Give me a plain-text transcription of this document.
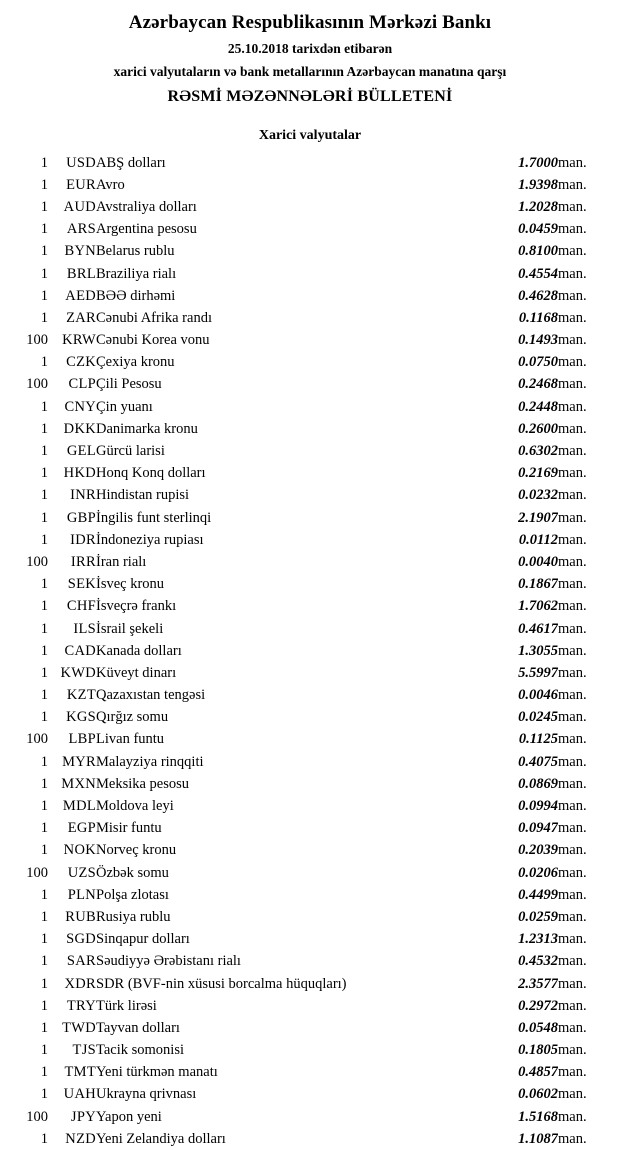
Azərbaycan Respublikasının Mərkəzi Bankı
25.10.2018 tarixdən etibarən
xarici valyutaların və bank metallarının Azərbaycan manatına qarşı
RƏSMİ MƏZƏNNƏLƏRİ BÜLLETENİ
Xarici valyutalar
1	USD	ABŞ dolları	1.7000	man.
1	EUR	Avro	1.9398	man.
1	AUD	Avstraliya dolları	1.2028	man.
1	ARS	Argentina pesosu	0.0459	man.
1	BYN	Belarus rublu	0.8100	man.
1	BRL	Braziliya rialı	0.4554	man.
1	AED	BƏƏ dirhəmi	0.4628	man.
1	ZAR	Cənubi Afrika randı	0.1168	man.
100	KRW	Cənubi Korea vonu	0.1493	man.
1	CZK	Çexiya kronu	0.0750	man.
100	CLP	Çili Pesosu	0.2468	man.
1	CNY	Çin yuanı	0.2448	man.
1	DKK	Danimarka kronu	0.2600	man.
1	GEL	Gürcü larisi	0.6302	man.
1	HKD	Honq Konq dolları	0.2169	man.
1	INR	Hindistan rupisi	0.0232	man.
1	GBP	İngilis funt sterlinqi	2.1907	man.
1	IDR	İndoneziya rupiası	0.0112	man.
100	IRR	İran rialı	0.0040	man.
1	SEK	İsveç kronu	0.1867	man.
1	CHF	İsveçrə frankı	1.7062	man.
1	ILS	İsrail şekeli	0.4617	man.
1	CAD	Kanada dolları	1.3055	man.
1	KWD	Küveyt dinarı	5.5997	man.
1	KZT	Qazaxıstan tengəsi	0.0046	man.
1	KGS	Qırğız somu	0.0245	man.
100	LBP	Livan funtu	0.1125	man.
1	MYR	Malayziya rinqqiti	0.4075	man.
1	MXN	Meksika pesosu	0.0869	man.
1	MDL	Moldova leyi	0.0994	man.
1	EGP	Misir funtu	0.0947	man.
1	NOK	Norveç kronu	0.2039	man.
100	UZS	Özbək somu	0.0206	man.
1	PLN	Polşa zlotası	0.4499	man.
1	RUB	Rusiya rublu	0.0259	man.
1	SGD	Sinqapur dolları	1.2313	man.
1	SAR	Səudiyyə Ərəbistanı rialı	0.4532	man.
1	XDR	SDR (BVF-nin xüsusi borcalma hüquqları)	2.3577	man.
1	TRY	Türk lirəsi	0.2972	man.
1	TWD	Tayvan dolları	0.0548	man.
1	TJS	Tacik somonisi	0.1805	man.
1	TMT	Yeni türkmən manatı	0.4857	man.
1	UAH	Ukrayna qrivnası	0.0602	man.
100	JPY	Yapon yeni	1.5168	man.
1	NZD	Yeni Zelandiya dolları	1.1087	man.
